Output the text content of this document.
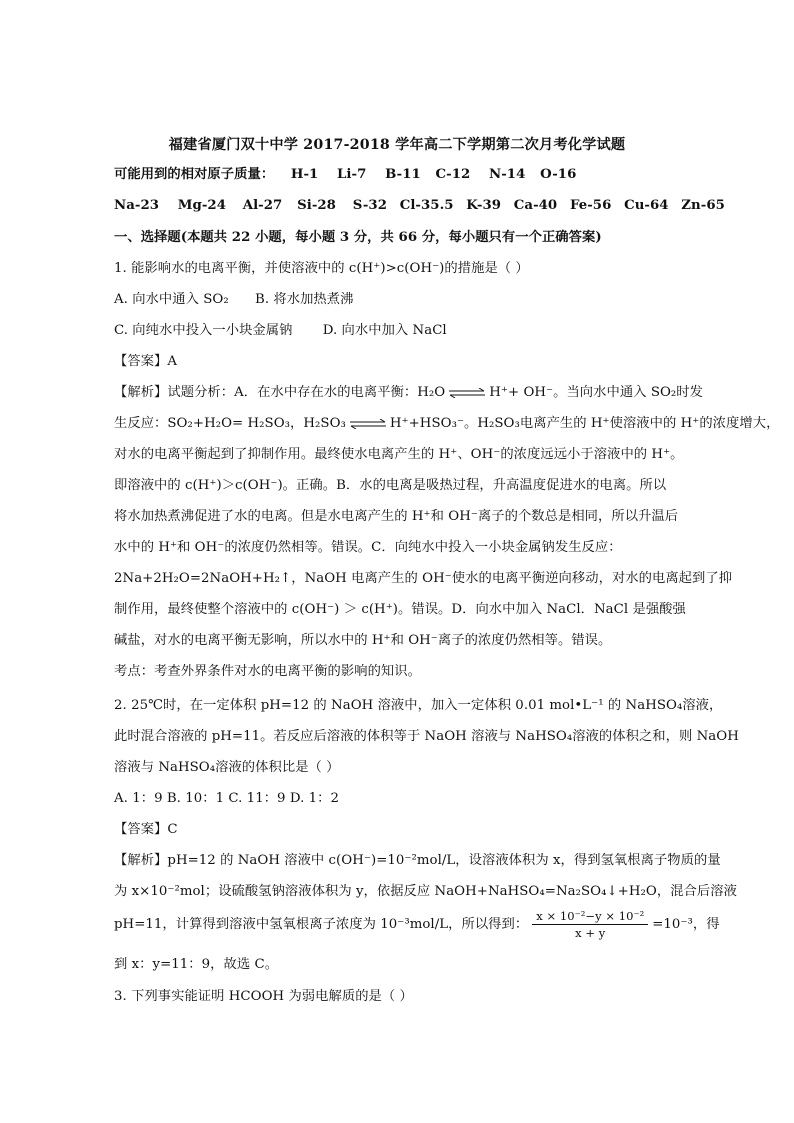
福建省厦门双十中学 2017-2018 学年高二下学期第二次月考化学试题
可能用到的相对原子质量： H-1 Li-7 B-11 C-12 N-14 O-16
Na-23 Mg-24 Al-27 Si-28 S-32 Cl-35.5 K-39 Ca-40 Fe-56 Cu-64 Zn-65
一、选择题(本题共 22 小题，每小题 3 分，共 66 分，每小题只有一个正确答案)
1. 能影响水的电离平衡，并使溶液中的 c(H⁺)>c(OH⁻)的措施是（ ）
A. 向水中通入 SO₂ B. 将水加热煮沸
C. 向纯水中投入一小块金属钠 D. 向水中加入 NaCl
【答案】A
【解析】试题分析：A．在水中存在水的电离平衡：H₂O ⇌ H⁺+ OH⁻。当向水中通入 SO₂时发
生反应：SO₂+H₂O= H₂SO₃，H₂SO₃ ⇌ H⁺+HSO₃⁻。H₂SO₃电离产生的 H⁺使溶液中的 H⁺的浓度增大，
对水的电离平衡起到了抑制作用。最终使水电离产生的 H⁺、OH⁻的浓度远远小于溶液中的 H⁺。
即溶液中的 c(H⁺)＞c(OH⁻)。正确。B．水的电离是吸热过程，升高温度促进水的电离。所以
将水加热煮沸促进了水的电离。但是水电离产生的 H⁺和 OH⁻离子的个数总是相同，所以升温后
水中的 H⁺和 OH⁻的浓度仍然相等。错误。C．向纯水中投入一小块金属钠发生反应：
2Na+2H₂O=2NaOH+H₂↑，NaOH 电离产生的 OH⁻使水的电离平衡逆向移动，对水的电离起到了抑
制作用，最终使整个溶液中的 c(OH⁻) ＞ c(H⁺)。错误。D．向水中加入 NaCl．NaCl 是强酸强
碱盐，对水的电离平衡无影响，所以水中的 H⁺和 OH⁻离子的浓度仍然相等。错误。
考点：考查外界条件对水的电离平衡的影响的知识。
2. 25℃时，在一定体积 pH=12 的 NaOH 溶液中，加入一定体积 0.01 mol•L⁻¹ 的 NaHSO₄溶液，
此时混合溶液的 pH=11。若反应后溶液的体积等于 NaOH 溶液与 NaHSO₄溶液的体积之和，则 NaOH
溶液与 NaHSO₄溶液的体积比是（ ）
A. 1：9 B. 10：1 C. 11：9 D. 1：2
【答案】C
【解析】pH=12 的 NaOH 溶液中 c(OH⁻)=10⁻²mol/L，设溶液体积为 x，得到氢氧根离子物质的量
为 x×10⁻²mol；设硫酸氢钠溶液体积为 y，依据反应 NaOH+NaHSO₄=Na₂SO₄↓+H₂O，混合后溶液
pH=11，计算得到溶液中氢氧根离子浓度为 10⁻³mol/L，所以得到： $\frac{\text{x × 10⁻²−y × 10⁻²}}{x + y} =10^{-3}$，得
到 x：y=11：9，故选 C。
3. 下列事实能证明 HCOOH 为弱电解质的是（ ）
